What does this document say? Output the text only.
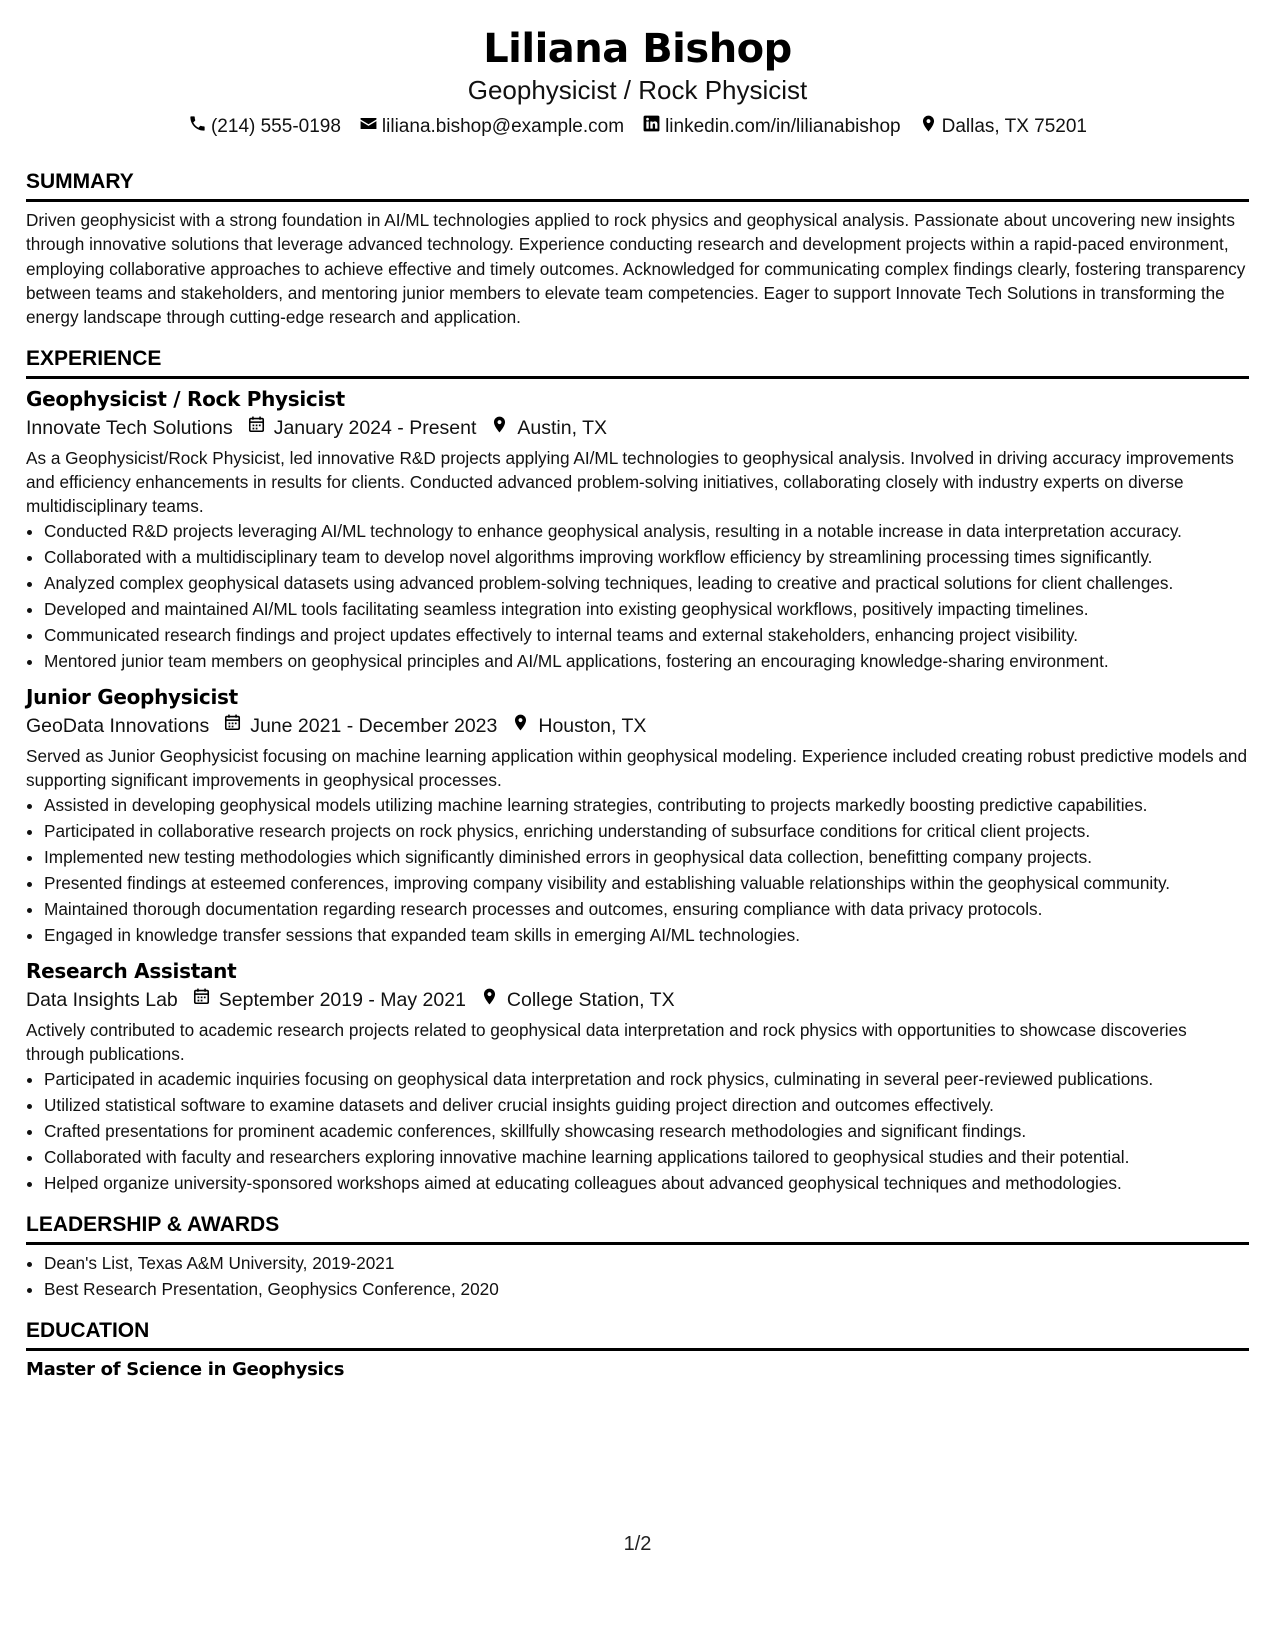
Liliana Bishop
Geophysicist / Rock Physicist
(214) 555-0198 liliana.bishop@example.com linkedin.com/in/lilianabishop Dallas, TX 75201
SUMMARY

Driven geophysicist with a strong foundation in AI/ML technologies applied to rock physics and geophysical analysis. Passionate about uncovering new insights through innovative solutions that leverage advanced technology. Experience conducting research and development projects within a rapid-paced environment, employing collaborative approaches to achieve effective and timely outcomes. Acknowledged for communicating complex findings clearly, fostering transparency between teams and stakeholders, and mentoring junior members to elevate team competencies. Eager to support Innovate Tech Solutions in transforming the energy landscape through cutting-edge research and application.

EXPERIENCE
Geophysicist / Rock Physicist
Innovate Tech Solutions January 2024 - Present Austin, TX
As a Geophysicist/Rock Physicist, led innovative R&D projects applying AI/ML technologies to geophysical analysis. Involved in driving accuracy improvements and efficiency enhancements in results for clients. Conducted advanced problem-solving initiatives, collaborating closely with industry experts on diverse multidisciplinary teams.
• Conducted R&D projects leveraging AI/ML technology to enhance geophysical analysis, resulting in a notable increase in data interpretation accuracy.
• Collaborated with a multidisciplinary team to develop novel algorithms improving workflow efficiency by streamlining processing times significantly.
• Analyzed complex geophysical datasets using advanced problem-solving techniques, leading to creative and practical solutions for client challenges.
• Developed and maintained AI/ML tools facilitating seamless integration into existing geophysical workflows, positively impacting timelines.
• Communicated research findings and project updates effectively to internal teams and external stakeholders, enhancing project visibility.
• Mentored junior team members on geophysical principles and AI/ML applications, fostering an encouraging knowledge-sharing environment.
Junior Geophysicist
GeoData Innovations June 2021 - December 2023 Houston, TX
Served as Junior Geophysicist focusing on machine learning application within geophysical modeling. Experience included creating robust predictive models and supporting significant improvements in geophysical processes.
• Assisted in developing geophysical models utilizing machine learning strategies, contributing to projects markedly boosting predictive capabilities.
• Participated in collaborative research projects on rock physics, enriching understanding of subsurface conditions for critical client projects.
• Implemented new testing methodologies which significantly diminished errors in geophysical data collection, benefitting company projects.
• Presented findings at esteemed conferences, improving company visibility and establishing valuable relationships within the geophysical community.
• Maintained thorough documentation regarding research processes and outcomes, ensuring compliance with data privacy protocols.
• Engaged in knowledge transfer sessions that expanded team skills in emerging AI/ML technologies.
Research Assistant
Data Insights Lab September 2019 - May 2021 College Station, TX
Actively contributed to academic research projects related to geophysical data interpretation and rock physics with opportunities to showcase discoveries through publications.
• Participated in academic inquiries focusing on geophysical data interpretation and rock physics, culminating in several peer-reviewed publications.
• Utilized statistical software to examine datasets and deliver crucial insights guiding project direction and outcomes effectively.
• Crafted presentations for prominent academic conferences, skillfully showcasing research methodologies and significant findings.
• Collaborated with faculty and researchers exploring innovative machine learning applications tailored to geophysical studies and their potential.
• Helped organize university-sponsored workshops aimed at educating colleagues about advanced geophysical techniques and methodologies.
LEADERSHIP & AWARDS
• Dean's List, Texas A&M University, 2019-2021
• Best Research Presentation, Geophysics Conference, 2020
EDUCATION
Master of Science in Geophysics
1/2
